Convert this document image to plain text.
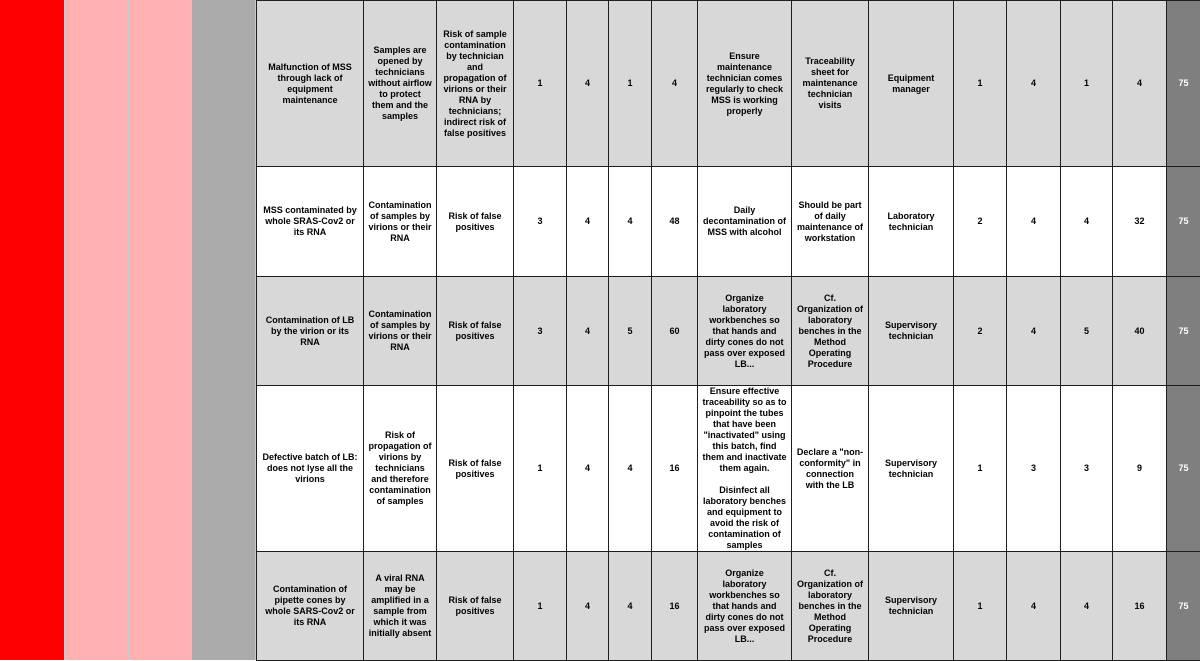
Malfunction of MSS through lack of equipment maintenance	Samples are opened by technicians without airflow to protect them and the samples	Risk of sample contamination by technician and propagation of virions or their RNA by technicians; indirect risk of false positives	1	4	1	4	Ensure maintenance technician comes regularly to check MSS is working properly	Traceability sheet for maintenance technician visits	Equipment manager	1	4	1	4	75

MSS contaminated by whole SRAS-Cov2 or its RNA	Contamination of samples by virions or their RNA	Risk of false positives	3	4	4	48	Daily decontamination of MSS with alcohol	Should be part of daily maintenance of workstation	Laboratory technician	2	4	4	32	75

Contamination of LB by the virion or its RNA	Contamination of samples by virions or their RNA	Risk of false positives	3	4	5	60	Organize laboratory workbenches so that hands and dirty cones do not pass over exposed LB...	Cf. Organization of laboratory benches in the Method Operating Procedure	Supervisory technician	2	4	5	40	75

Defective batch of LB: does not lyse all the virions	Risk of propagation of virions by technicians and therefore contamination of samples	Risk of false positives	1	4	4	16	Ensure effective traceability so as to pinpoint the tubes that have been "inactivated" using this batch, find them and inactivate them again.
Disinfect all laboratory benches and equipment to avoid the risk of contamination of samples	Declare a "non-conformity" in connection with the LB	Supervisory technician	1	3	3	9	75

Contamination of pipette cones by whole SARS-Cov2 or its RNA	A viral RNA may be amplified in a sample from which it was initially absent	Risk of false positives	1	4	4	16	Organize laboratory workbenches so that hands and dirty cones do not pass over exposed LB...	Cf. Organization of laboratory benches in the Method Operating Procedure	Supervisory technician	1	4	4	16	75
